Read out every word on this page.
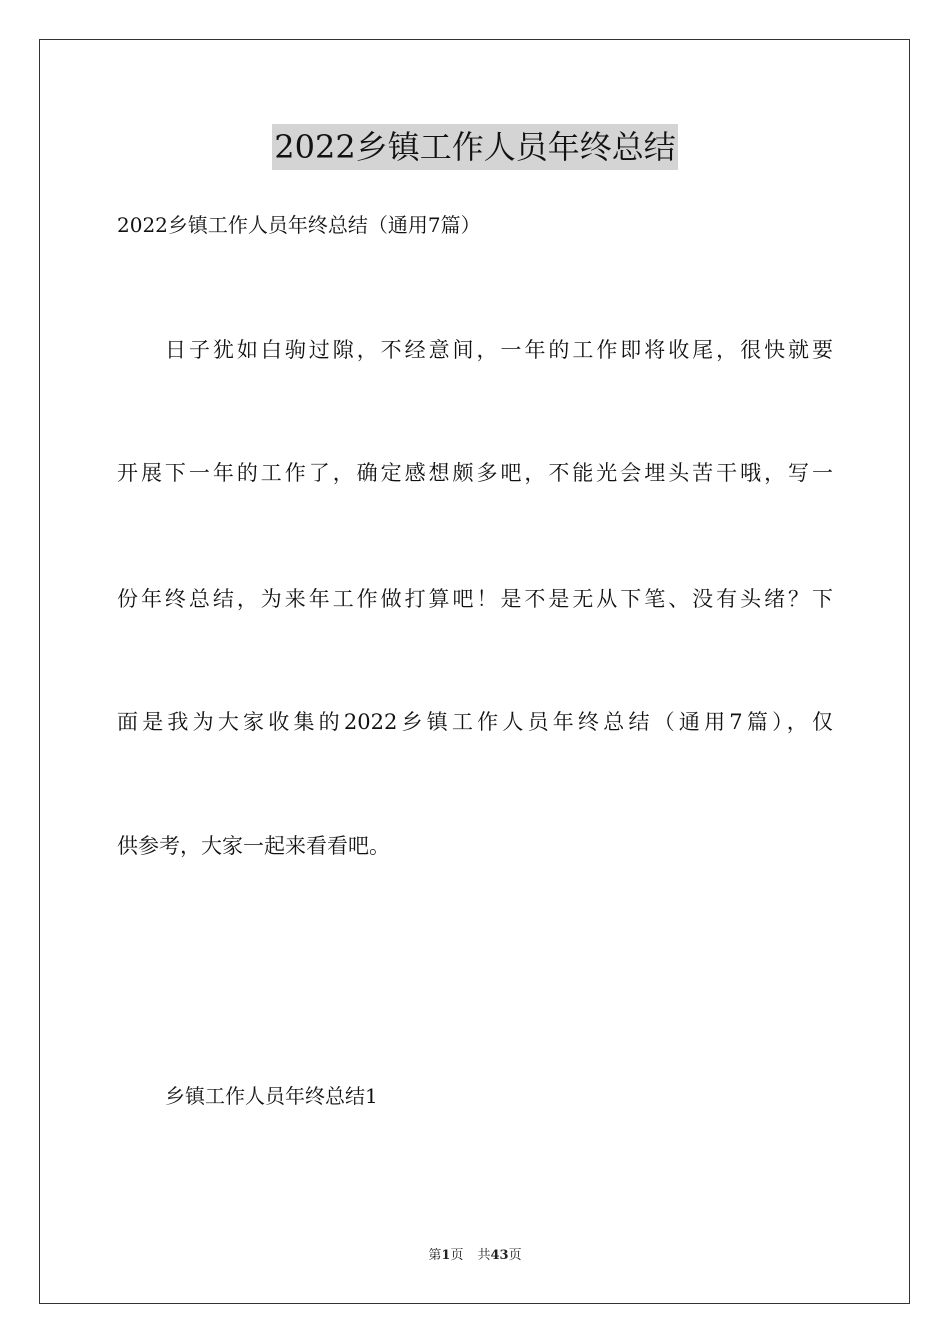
2022乡镇工作人员年终总结
2022乡镇工作人员年终总结（通用7篇）
日子犹如白驹过隙，不经意间，一年的工作即将收尾，很快就要
开展下一年的工作了，确定感想颇多吧，不能光会埋头苦干哦，写一
份年终总结，为来年工作做打算吧！是不是无从下笔、没有头绪？下
面是我为大家收集的2022乡镇工作人员年终总结（通用7篇），仅
供参考，大家一起来看看吧。
乡镇工作人员年终总结1
第1页 共43页
